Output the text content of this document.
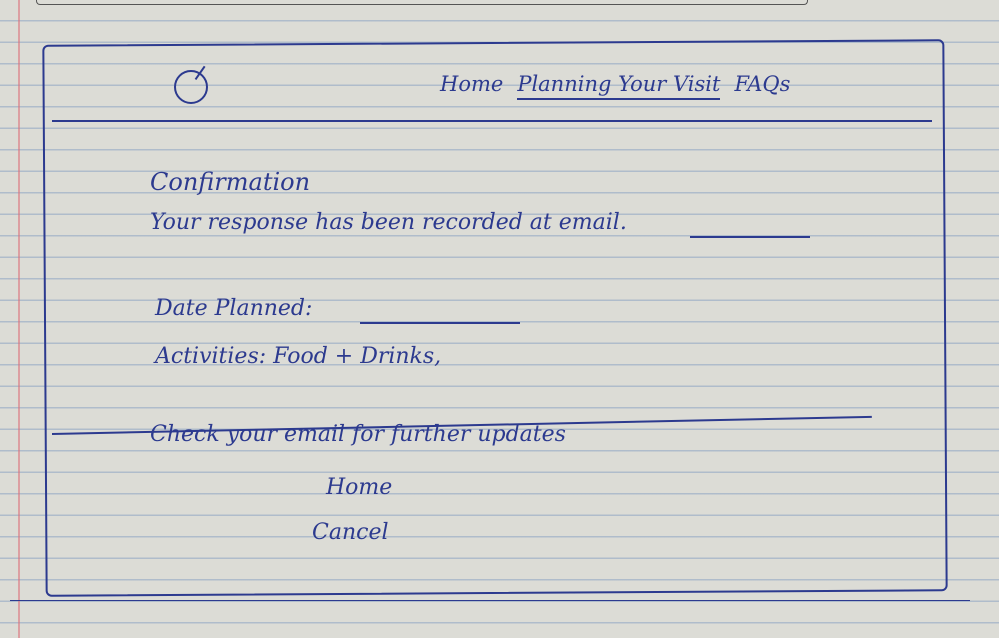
Home Planning Your Visit FAQs
Confirmation
Your response has been recorded at email.
Date Planned:
Activities: Food + Drinks,
Check your email for further updates
Home
Cancel
